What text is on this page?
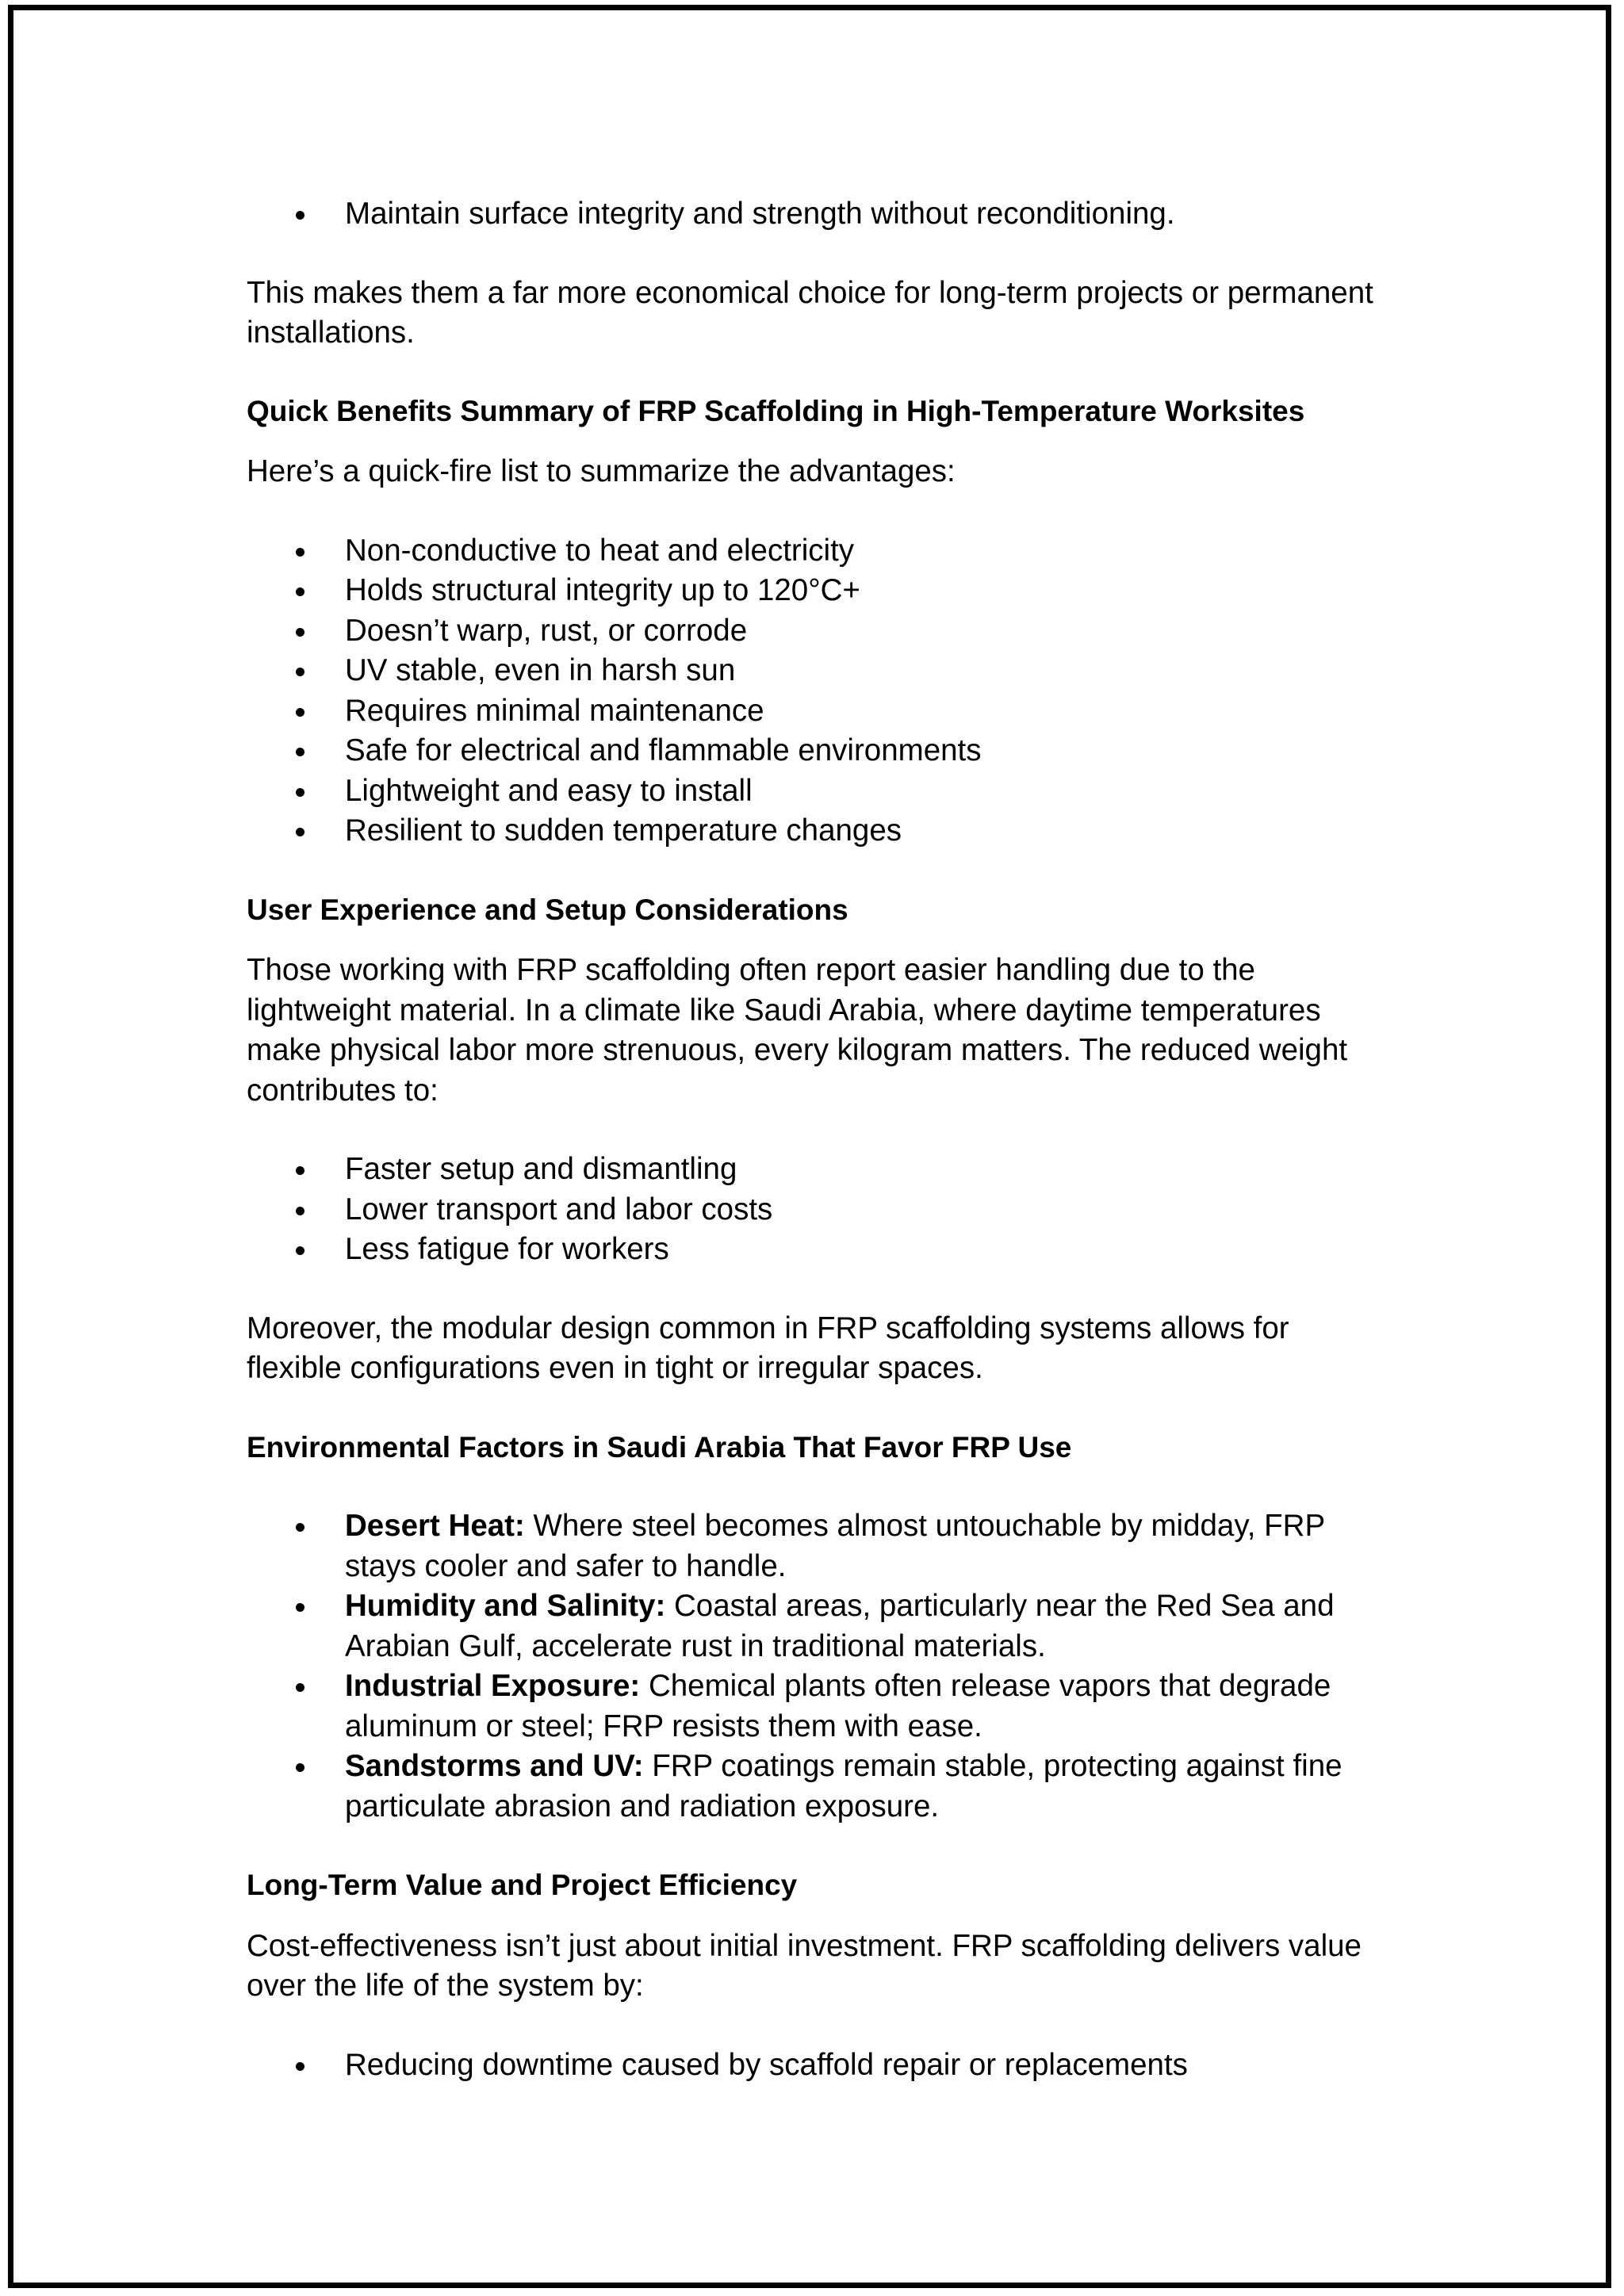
Maintain surface integrity and strength without reconditioning.

This makes them a far more economical choice for long-term projects or permanent installations.

Quick Benefits Summary of FRP Scaffolding in High-Temperature Worksites

Here’s a quick-fire list to summarize the advantages:

Non-conductive to heat and electricity
Holds structural integrity up to 120°C+
Doesn’t warp, rust, or corrode
UV stable, even in harsh sun
Requires minimal maintenance
Safe for electrical and flammable environments
Lightweight and easy to install
Resilient to sudden temperature changes

User Experience and Setup Considerations

Those working with FRP scaffolding often report easier handling due to the lightweight material. In a climate like Saudi Arabia, where daytime temperatures make physical labor more strenuous, every kilogram matters. The reduced weight contributes to:

Faster setup and dismantling
Lower transport and labor costs
Less fatigue for workers

Moreover, the modular design common in FRP scaffolding systems allows for flexible configurations even in tight or irregular spaces.

Environmental Factors in Saudi Arabia That Favor FRP Use

Desert Heat: Where steel becomes almost untouchable by midday, FRP stays cooler and safer to handle.
Humidity and Salinity: Coastal areas, particularly near the Red Sea and Arabian Gulf, accelerate rust in traditional materials.
Industrial Exposure: Chemical plants often release vapors that degrade aluminum or steel; FRP resists them with ease.
Sandstorms and UV: FRP coatings remain stable, protecting against fine particulate abrasion and radiation exposure.

Long-Term Value and Project Efficiency

Cost-effectiveness isn’t just about initial investment. FRP scaffolding delivers value over the life of the system by:

Reducing downtime caused by scaffold repair or replacements
